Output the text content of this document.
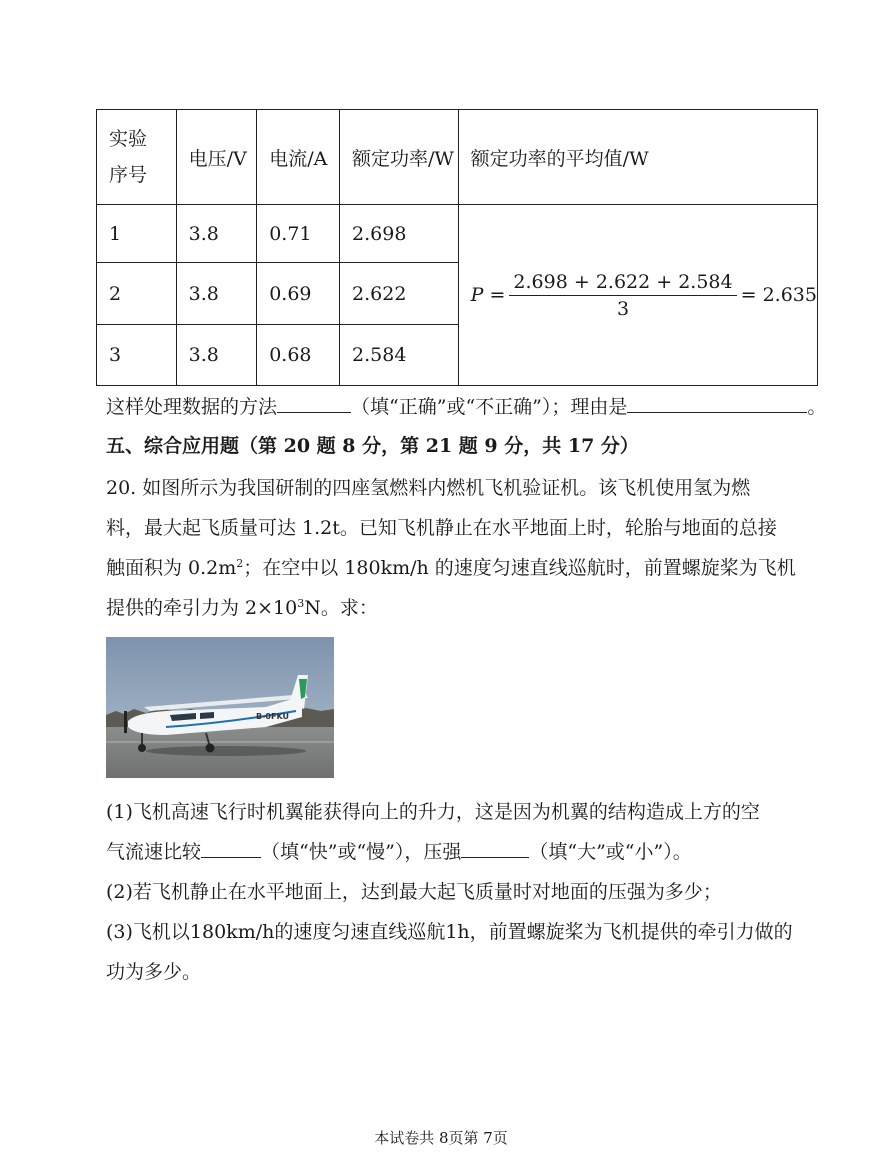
实验
序号	电压/V	电流/A	额定功率/W	额定功率的平均值/W
1	3.8	0.71	2.698	$P = \frac{2.698 + 2.622 + 2.584}{3} = 2.635$

2	3.8	0.69	2.622	
3	3.8	0.68	2.584	
这样处理数据的方法	（填“正确”或“不正确”）；理由是	。
五、综合应用题（第 20 题 8 分，第 21 题 9 分，共 17 分）
20. 如图所示为我国研制的四座氢燃料内燃机飞机验证机。该飞机使用氢为燃
料，最大起飞质量可达 1.2t。已知飞机静止在水平地面上时，轮胎与地面的总接
触面积为 $0.2m^2$；在空中以 180km/h 的速度匀速直线巡航时，前置螺旋桨为飞机
提供的牵引力为 $2\times 10^3N$。求：
B-0FKU
(1)飞机高速飞行时机翼能获得向上的升力，这是因为机翼的结构造成上方的空
气流速比较	（填“快”或“慢”），压强	（填“大”或“小”）。
(2)若飞机静止在水平地面上，达到最大起飞质量时对地面的压强为多少；
(3)飞机以180km/h的速度匀速直线巡航1h，前置螺旋桨为飞机提供的牵引力做的
功为多少。
本试卷共 8页第 7页
